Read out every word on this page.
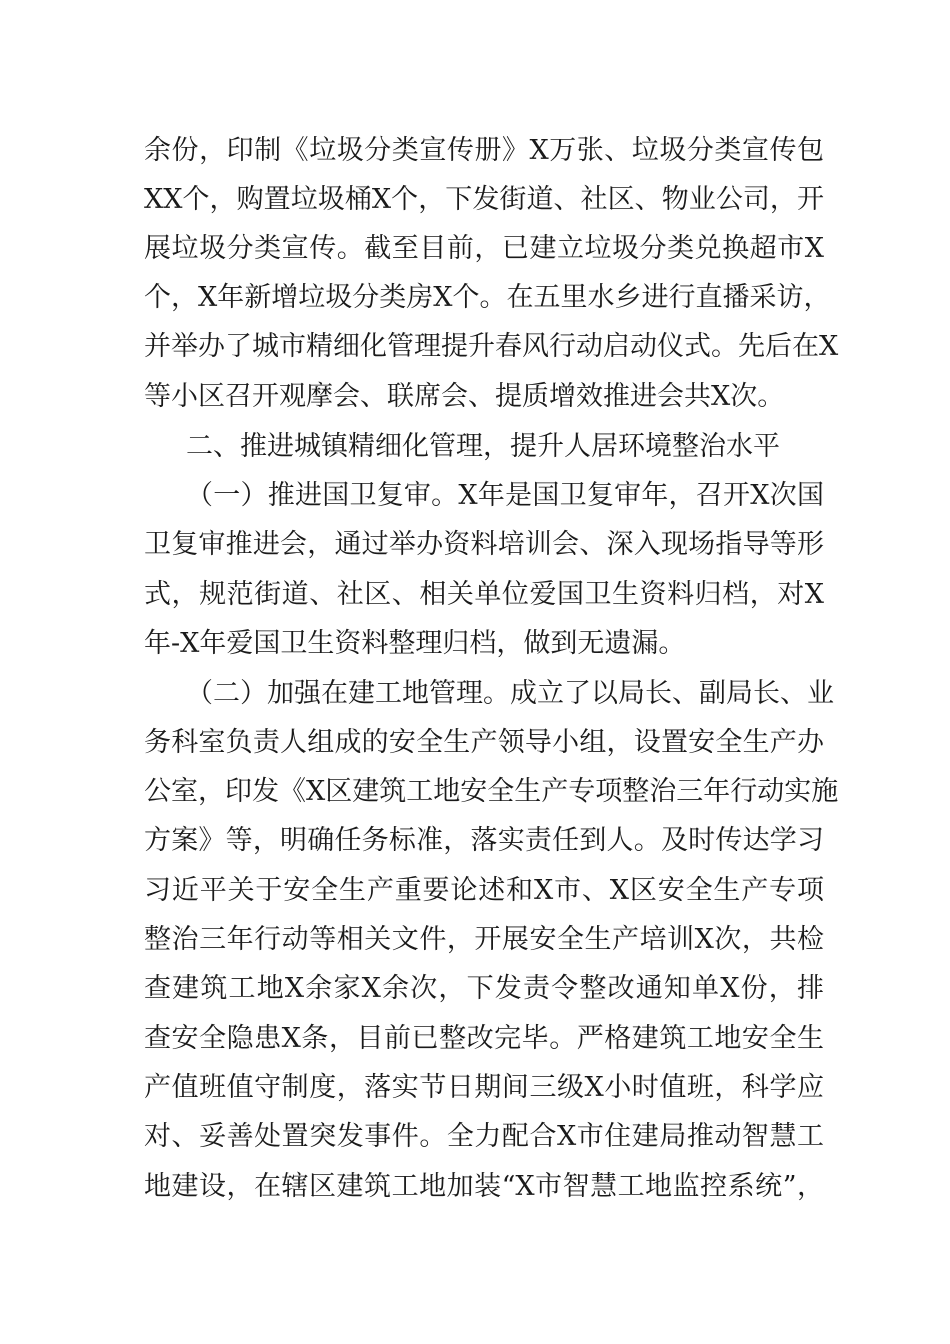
余份，印制《垃圾分类宣传册》X万张、垃圾分类宣传包
XX个，购置垃圾桶X个，下发街道、社区、物业公司，开
展垃圾分类宣传。截至目前，已建立垃圾分类兑换超市X
个，X年新增垃圾分类房X个。在五里水乡进行直播采访，
并举办了城市精细化管理提升春风行动启动仪式。先后在X
等小区召开观摩会、联席会、提质增效推进会共X次。
二、推进城镇精细化管理，提升人居环境整治水平
（一）推进国卫复审。X年是国卫复审年，召开X次国
卫复审推进会，通过举办资料培训会、深入现场指导等形
式，规范街道、社区、相关单位爱国卫生资料归档，对X
年-X年爱国卫生资料整理归档，做到无遗漏。
（二）加强在建工地管理。成立了以局长、副局长、业
务科室负责人组成的安全生产领导小组，设置安全生产办
公室，印发《X区建筑工地安全生产专项整治三年行动实施
方案》等，明确任务标准，落实责任到人。及时传达学习
习近平关于安全生产重要论述和X市、X区安全生产专项
整治三年行动等相关文件，开展安全生产培训X次，共检
查建筑工地X余家X余次，下发责令整改通知单X份，排
查安全隐患X条，目前已整改完毕。严格建筑工地安全生
产值班值守制度，落实节日期间三级X小时值班，科学应
对、妥善处置突发事件。全力配合X市住建局推动智慧工
地建设，在辖区建筑工地加装“X市智慧工地监控系统”，
